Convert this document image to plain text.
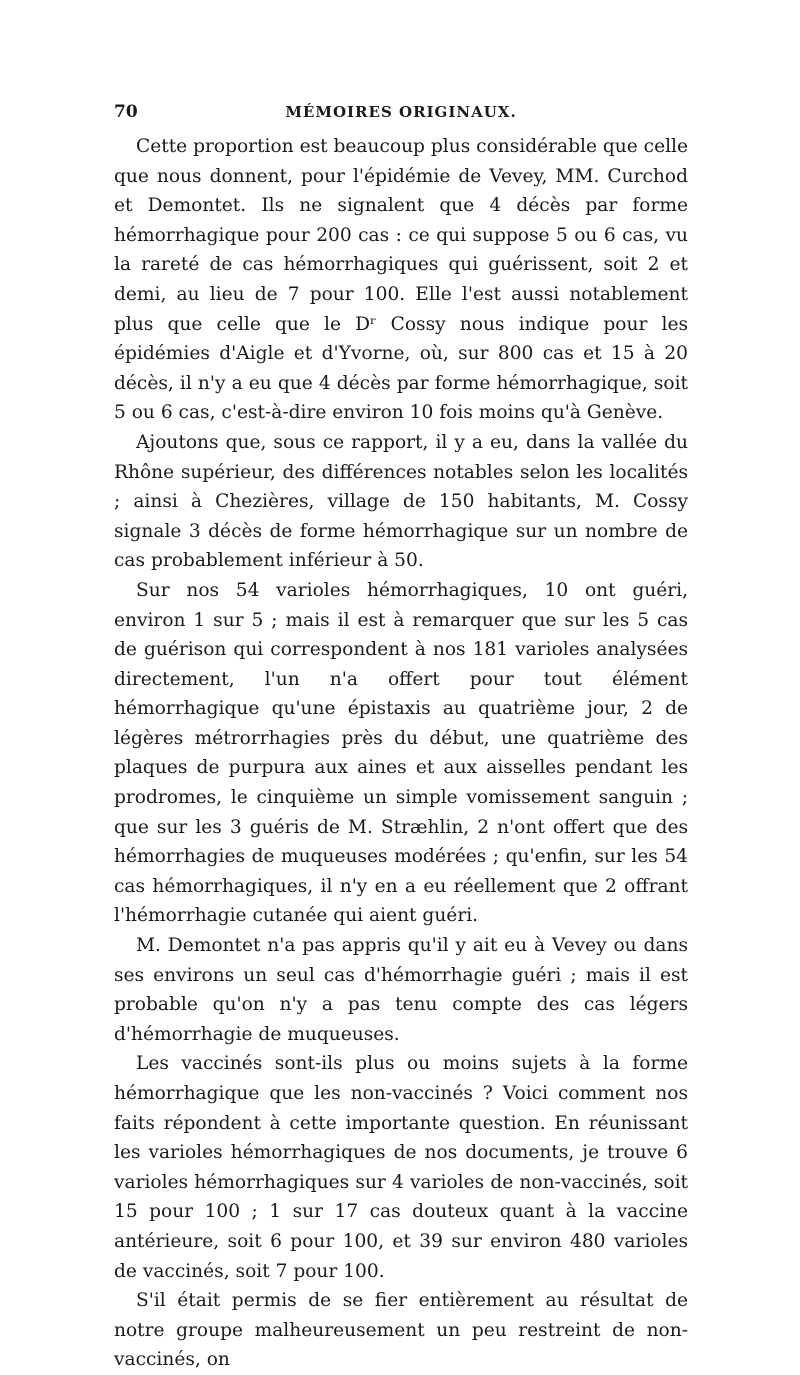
70	MÉMOIRES ORIGINAUX.

Cette proportion est beaucoup plus considérable que celle que nous donnent, pour l'épidémie de Vevey, MM. Curchod et Demontet. Ils ne signalent que 4 décès par forme hémorrhagique pour 200 cas : ce qui suppose 5 ou 6 cas, vu la rareté de cas hémorrhagiques qui guérissent, soit 2 et demi, au lieu de 7 pour 100. Elle l'est aussi notablement plus que celle que le Dʳ Cossy nous indique pour les épidémies d'Aigle et d'Yvorne, où, sur 800 cas et 15 à 20 décès, il n'y a eu que 4 décès par forme hémorrhagique, soit 5 ou 6 cas, c'est-à-dire environ 10 fois moins qu'à Genève.

Ajoutons que, sous ce rapport, il y a eu, dans la vallée du Rhône supérieur, des différences notables selon les localités ; ainsi à Chezières, village de 150 habitants, M. Cossy signale 3 décès de forme hémorrhagique sur un nombre de cas probablement inférieur à 50.

Sur nos 54 varioles hémorrhagiques, 10 ont guéri, environ 1 sur 5 ; mais il est à remarquer que sur les 5 cas de guérison qui correspondent à nos 181 varioles analysées directement, l'un n'a offert pour tout élément hémorrhagique qu'une épistaxis au quatrième jour, 2 de légères métrorrhagies près du début, une quatrième des plaques de purpura aux aines et aux aisselles pendant les prodromes, le cinquième un simple vomissement sanguin ; que sur les 3 guéris de M. Stræhlin, 2 n'ont offert que des hémorrhagies de muqueuses modérées ; qu'enfin, sur les 54 cas hémorrhagiques, il n'y en a eu réellement que 2 offrant l'hémorrhagie cutanée qui aient guéri.

M. Demontet n'a pas appris qu'il y ait eu à Vevey ou dans ses environs un seul cas d'hémorrhagie guéri ; mais il est probable qu'on n'y a pas tenu compte des cas légers d'hémorrhagie de muqueuses.

Les vaccinés sont-ils plus ou moins sujets à la forme hémorrhagique que les non-vaccinés ? Voici comment nos faits répondent à cette importante question. En réunissant les varioles hémorrhagiques de nos documents, je trouve 6 varioles hémorrhagiques sur 4 varioles de non-vaccinés, soit 15 pour 100 ; 1 sur 17 cas douteux quant à la vaccine antérieure, soit 6 pour 100, et 39 sur environ 480 varioles de vaccinés, soit 7 pour 100.

S'il était permis de se fier entièrement au résultat de notre groupe malheureusement un peu restreint de non-vaccinés, on
